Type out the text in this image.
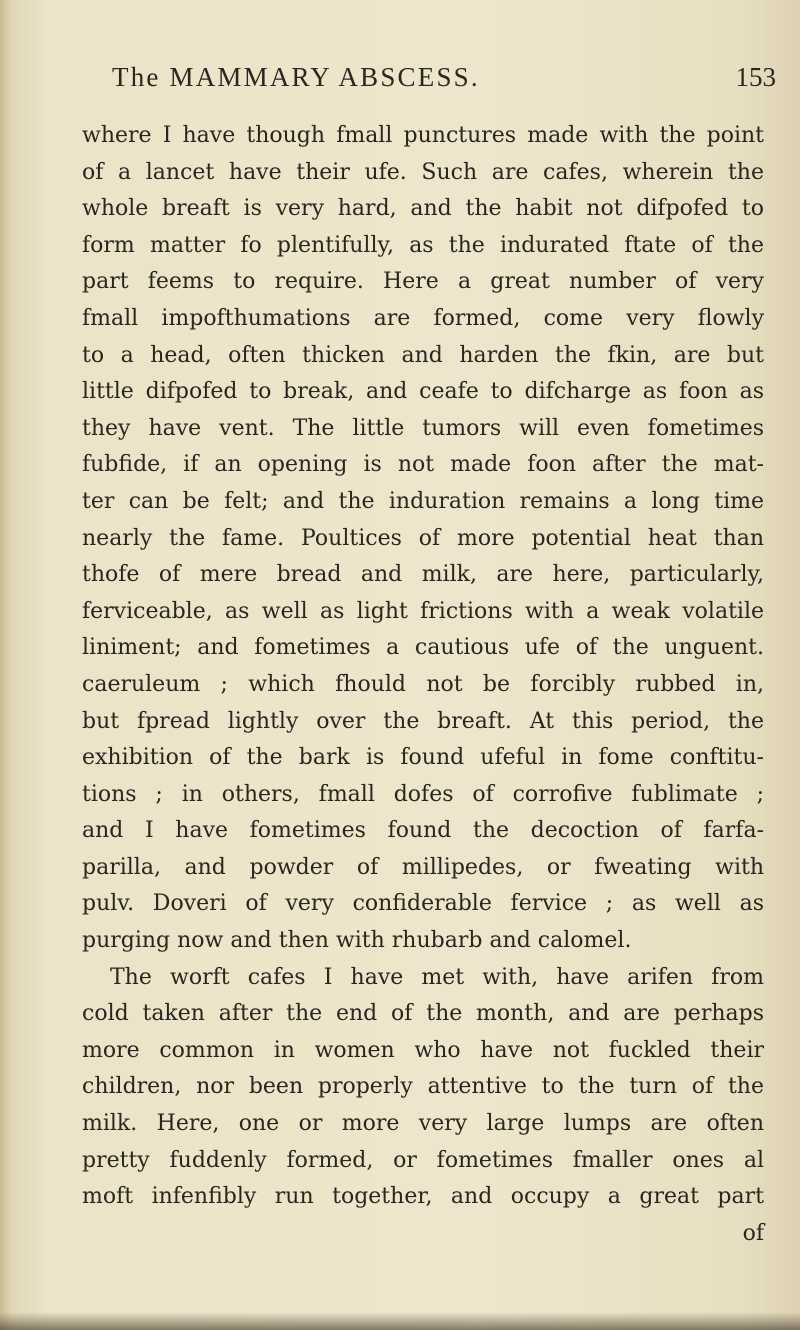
The MAMMARY ABSCESS.	153
where I have though fmall punctures made with the point
of a lancet have their ufe. Such are cafes, wherein the
whole breaft is very hard, and the habit not difpofed to
form matter fo plentifully, as the indurated ftate of the
part feems to require. Here a great number of very
fmall impofthumations are formed, come very flowly
to a head, often thicken and harden the fkin, are but
little difpofed to break, and ceafe to difcharge as foon as
they have vent. The little tumors will even fometimes
fubfide, if an opening is not made foon after the mat-
ter can be felt; and the induration remains a long time
nearly the fame. Poultices of more potential heat than
thofe of mere bread and milk, are here, particularly,
ferviceable, as well as light frictions with a weak volatile
liniment; and fometimes a cautious ufe of the unguent.
caeruleum ; which fhould not be forcibly rubbed in,
but fpread lightly over the breaft. At this period, the
exhibition of the bark is found ufeful in fome conftitu-
tions ; in others, fmall dofes of corrofive fublimate ;
and I have fometimes found the decoction of farfa-
parilla, and powder of millipedes, or fweating with
pulv. Doveri of very confiderable fervice ; as well as
purging now and then with rhubarb and calomel.
The worft cafes I have met with, have arifen from
cold taken after the end of the month, and are perhaps
more common in women who have not fuckled their
children, nor been properly attentive to the turn of the
milk. Here, one or more very large lumps are often
pretty fuddenly formed, or fometimes fmaller ones al
moft infenfibly run together, and occupy a great part
of
